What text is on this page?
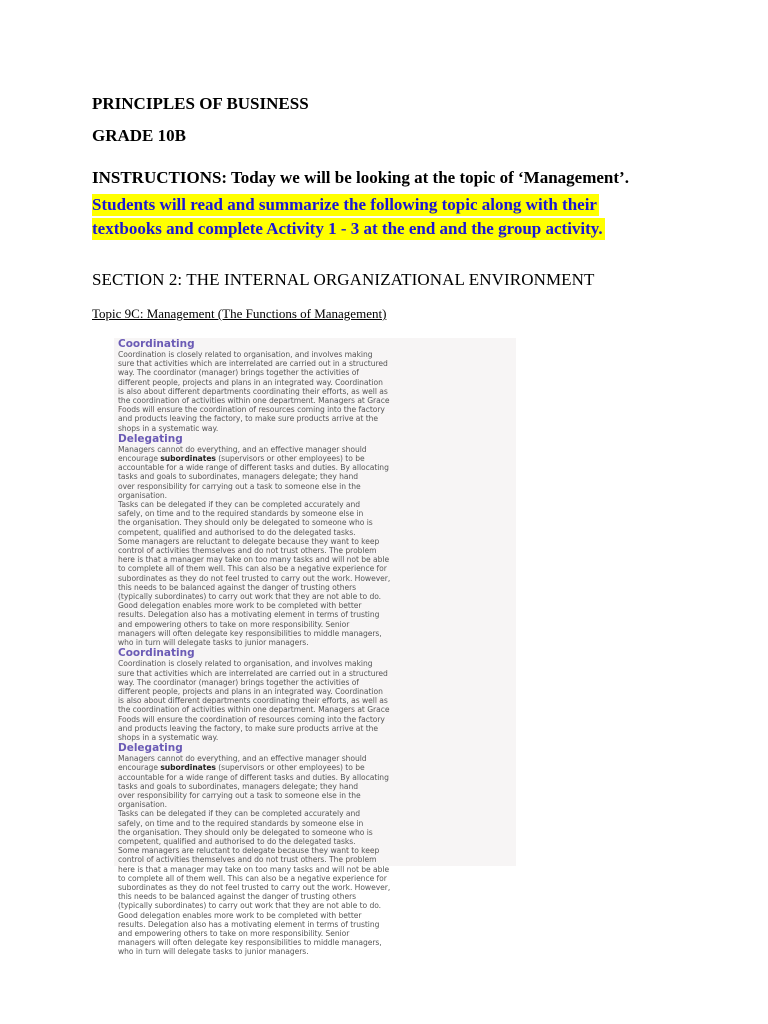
PRINCIPLES OF BUSINESS
GRADE 10B
INSTRUCTIONS: Today we will be looking at the topic of ‘Management’.
Students will read and summarize the following topic along with their
textbooks and complete Activity 1 - 3 at the end and the group activity.
SECTION 2: THE INTERNAL ORGANIZATIONAL ENVIRONMENT
Topic 9C: Management (The Functions of Management)
Coordinating

Coordination is closely related to organisation, and involves making
sure that activities which are interrelated are carried out in a structured
way. The coordinator (manager) brings together the activities of
different people, projects and plans in an integrated way. Coordination
is also about different departments coordinating their efforts, as well as
the coordination of activities within one department. Managers at Grace
Foods will ensure the coordination of resources coming into the factory
and products leaving the factory, to make sure products arrive at the
shops in a systematic way.

Delegating

Managers cannot do everything, and an effective manager should
encourage subordinates (supervisors or other employees) to be
accountable for a wide range of different tasks and duties. By allocating
tasks and goals to subordinates, managers delegate; they hand
over responsibility for carrying out a task to someone else in the
organisation.

Tasks can be delegated if they can be completed accurately and
safely, on time and to the required standards by someone else in
the organisation. They should only be delegated to someone who is
competent, qualified and authorised to do the delegated tasks.
Some managers are reluctant to delegate because they want to keep
control of activities themselves and do not trust others. The problem
here is that a manager may take on too many tasks and will not be able
to complete all of them well. This can also be a negative experience for
subordinates as they do not feel trusted to carry out the work. However,
this needs to be balanced against the danger of trusting others
(typically subordinates) to carry out work that they are not able to do.
Good delegation enables more work to be completed with better
results. Delegation also has a motivating element in terms of trusting
and empowering others to take on more responsibility. Senior
managers will often delegate key responsibilities to middle managers,
who in turn will delegate tasks to junior managers.

Coordinating

Coordination is closely related to organisation, and involves making
sure that activities which are interrelated are carried out in a structured
way. The coordinator (manager) brings together the activities of
different people, projects and plans in an integrated way. Coordination
is also about different departments coordinating their efforts, as well as
the coordination of activities within one department. Managers at Grace
Foods will ensure the coordination of resources coming into the factory
and products leaving the factory, to make sure products arrive at the
shops in a systematic way.

Delegating

Managers cannot do everything, and an effective manager should
encourage subordinates (supervisors or other employees) to be
accountable for a wide range of different tasks and duties. By allocating
tasks and goals to subordinates, managers delegate; they hand
over responsibility for carrying out a task to someone else in the
organisation.

Tasks can be delegated if they can be completed accurately and
safely, on time and to the required standards by someone else in
the organisation. They should only be delegated to someone who is
competent, qualified and authorised to do the delegated tasks.
Some managers are reluctant to delegate because they want to keep
control of activities themselves and do not trust others. The problem
here is that a manager may take on too many tasks and will not be able
to complete all of them well. This can also be a negative experience for
subordinates as they do not feel trusted to carry out the work. However,
this needs to be balanced against the danger of trusting others
(typically subordinates) to carry out work that they are not able to do.
Good delegation enables more work to be completed with better
results. Delegation also has a motivating element in terms of trusting
and empowering others to take on more responsibility. Senior
managers will often delegate key responsibilities to middle managers,
who in turn will delegate tasks to junior managers.
